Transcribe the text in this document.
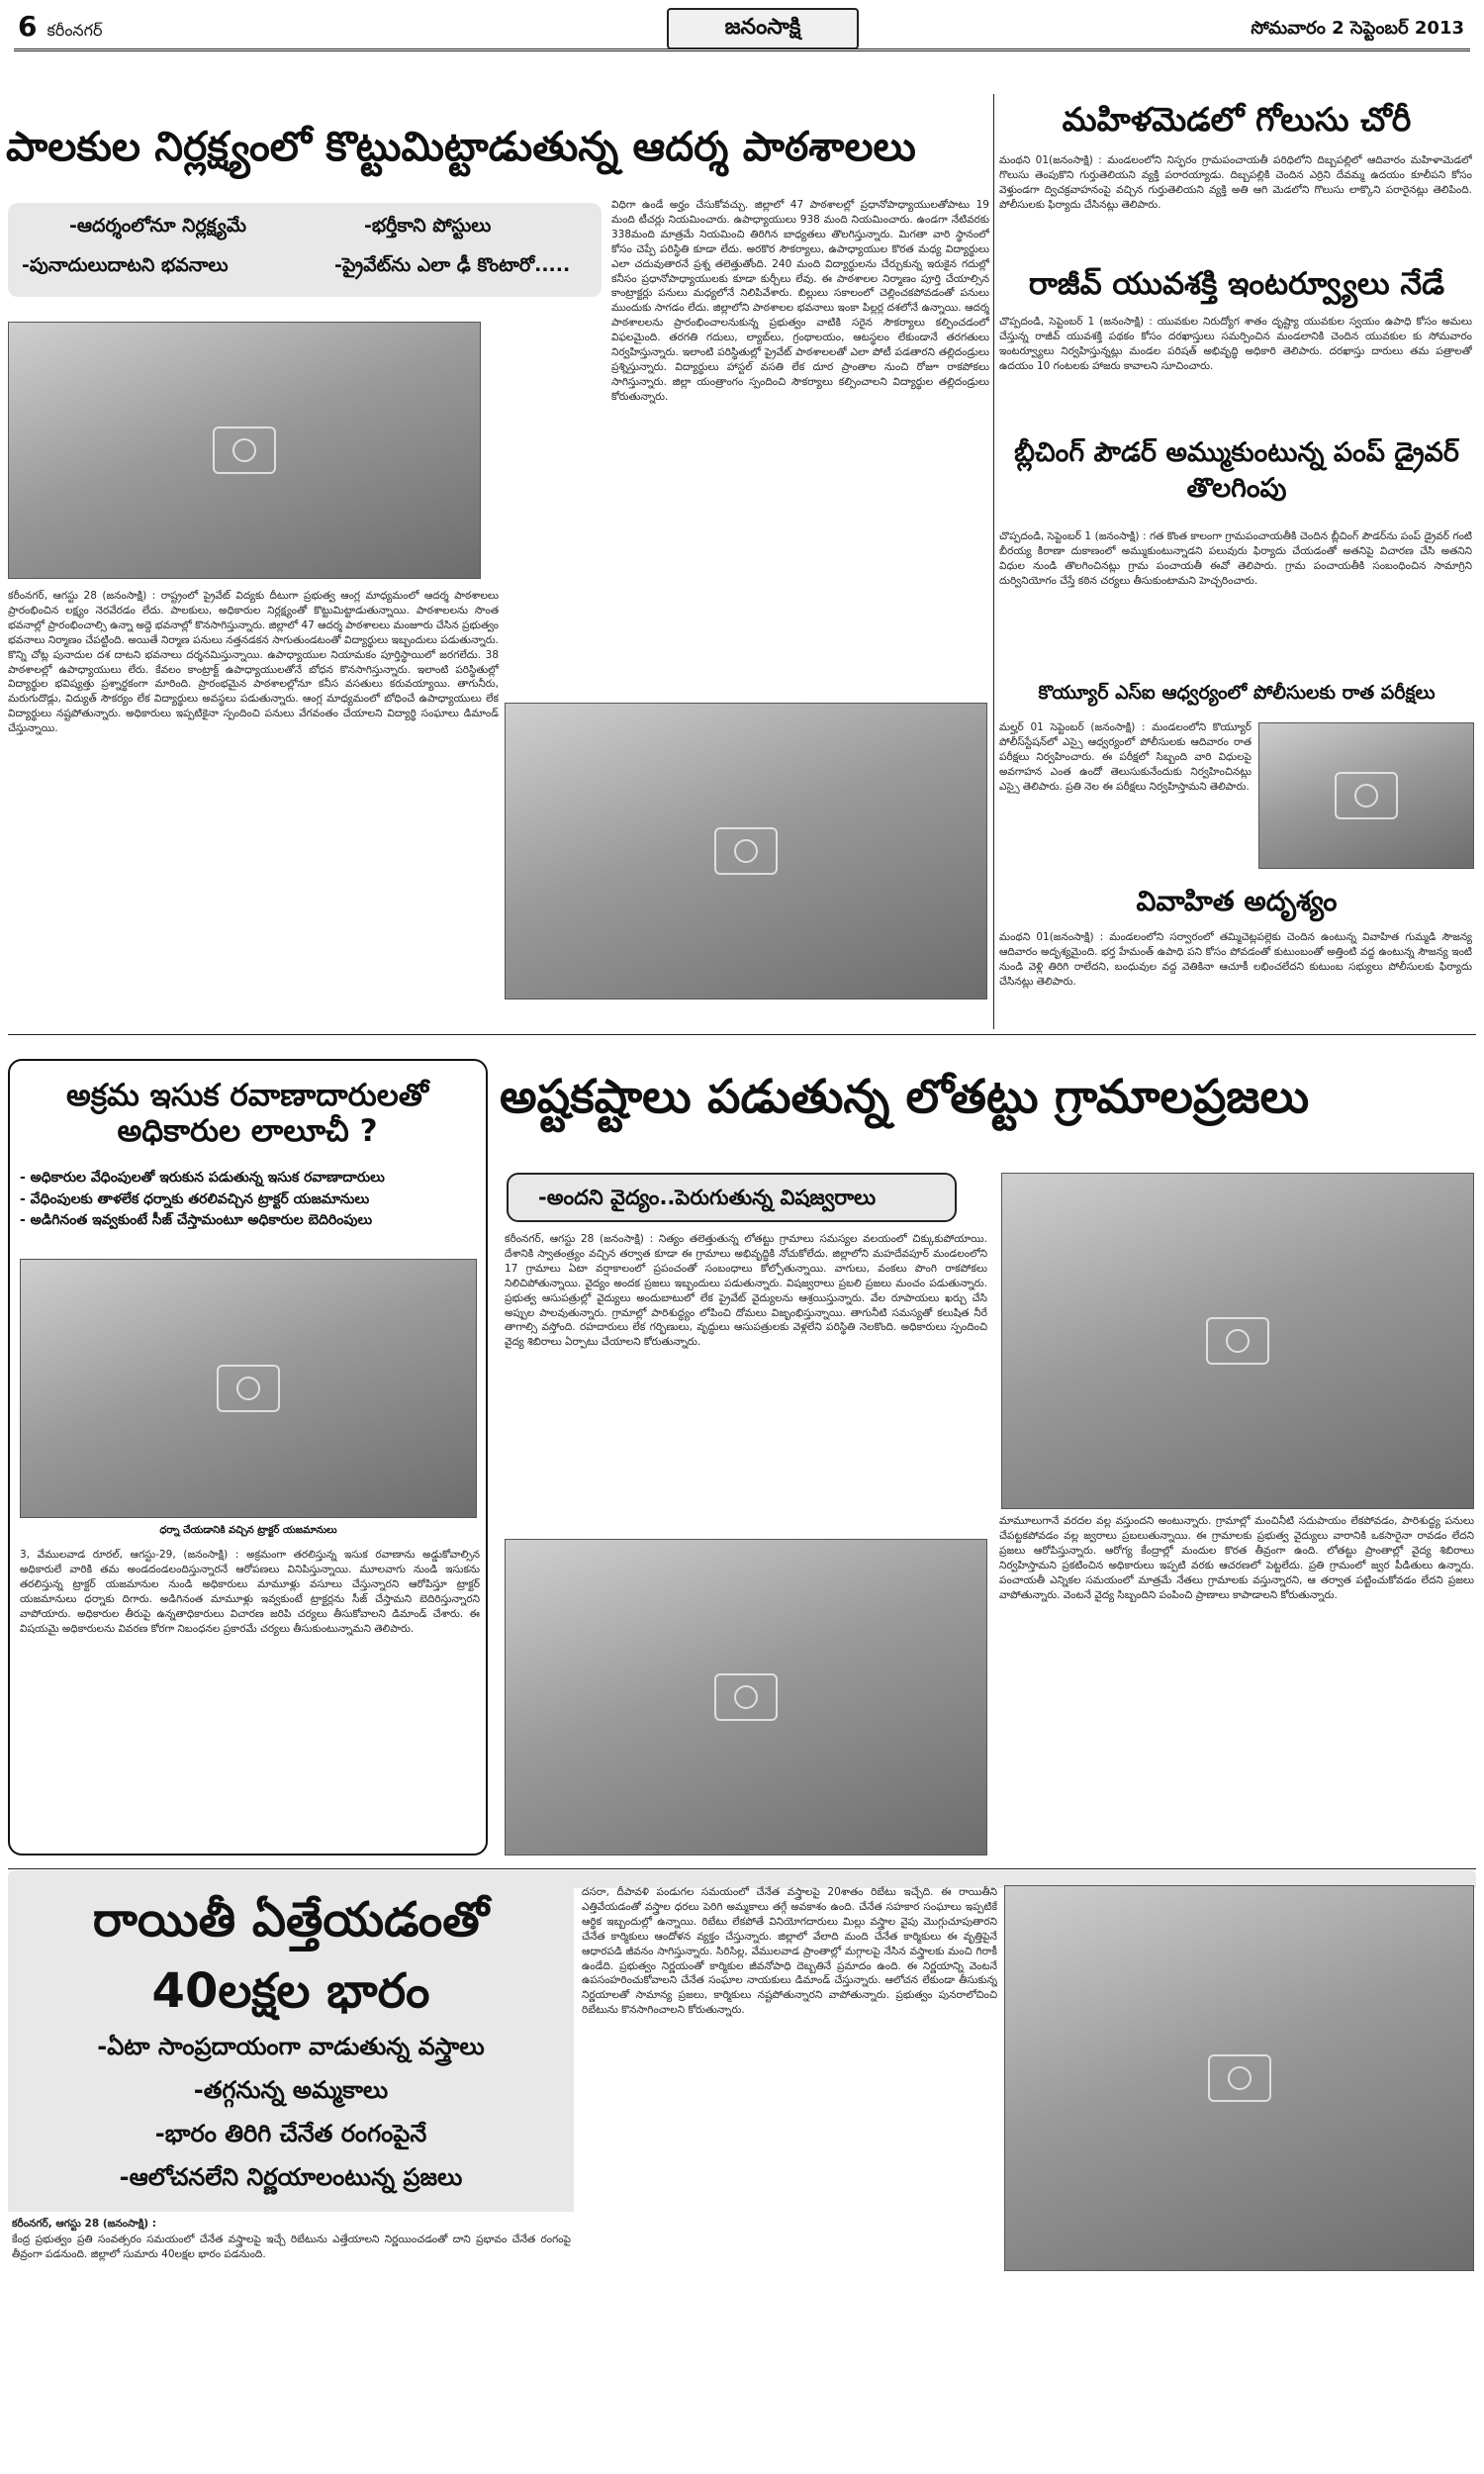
6 కరీంనగర్	జనంసాక్షి	సోమవారం 2 సెప్టెంబర్ 2013
పాలకుల నిర్లక్ష్యంలో కొట్టుమిట్టాడుతున్న ఆదర్శ పాఠశాలలు
-ఆదర్శంలోనూ నిర్లక్ష్యమే	-భర్తీకాని పోస్టులు
-పునాదులుదాటని భవనాలు	-ప్రైవేట్‌ను ఎలా ఢీ కొంటారో.....
విధిగా ఉండే అర్హం చేసుకోవచ్చు. జిల్లాలో 47 పాఠశాలల్లో ప్రధానోపాధ్యాయులతోపాటు 19 మంది టీచర్లు నియమించారు. ఉపాధ్యాయులు 938 మంది నియమించారు. ఉండగా నేటివరకు 338మంది మాత్రమే నియమించి తిరిగిన బాధ్యతలు తొలగిస్తున్నారు. మిగతా వారి స్థానంలో కోసం చెప్పే పరిస్థితి కూడా లేదు. అరకొర సౌకర్యాలు, ఉపాధ్యాయుల కొరత మధ్య విద్యార్థులు ఎలా చదువుతారనే ప్రశ్న తలెత్తుతోంది. 240 మంది విద్యార్థులను చేర్చుకున్న ఇరుకైన గదుల్లో కనీసం ప్రధానోపాధ్యాయులకు కూడా కుర్చీలు లేవు. ఈ పాఠశాలల నిర్మాణం పూర్తి చేయాల్సిన కాంట్రాక్టర్లు పనులు మధ్యలోనే నిలిపివేశారు. బిల్లులు సకాలంలో చెల్లించకపోవడంతో పనులు ముందుకు సాగడం లేదు. జిల్లాలోని పాఠశాలల భవనాలు ఇంకా పిల్లర్ల దశలోనే ఉన్నాయి. ఆదర్శ పాఠశాలలను ప్రారంభించాలనుకున్న ప్రభుత్వం వాటికి సరైన సౌకర్యాలు కల్పించడంలో విఫలమైంది. తరగతి గదులు, ల్యాబ్‌లు, గ్రంథాలయం, ఆటస్థలం లేకుండానే తరగతులు నిర్వహిస్తున్నారు. ఇలాంటి పరిస్థితుల్లో ప్రైవేట్ పాఠశాలలతో ఎలా పోటీ పడతారని తల్లిదండ్రులు ప్రశ్నిస్తున్నారు. విద్యార్థులు హాస్టల్ వసతి లేక దూర ప్రాంతాల నుంచి రోజూ రాకపోకలు సాగిస్తున్నారు. జిల్లా యంత్రాంగం స్పందించి సౌకర్యాలు కల్పించాలని విద్యార్థుల తల్లిదండ్రులు కోరుతున్నారు.
కరీంనగర్, ఆగస్టు 28 (జనంసాక్షి) : రాష్ట్రంలో ప్రైవేట్ విద్యకు దీటుగా ప్రభుత్వ ఆంగ్ల మాధ్యమంలో ఆదర్శ పాఠశాలలు ప్రారంభించిన లక్ష్యం నెరవేరడం లేదు. పాలకులు, అధికారుల నిర్లక్ష్యంతో కొట్టుమిట్టాడుతున్నాయి. పాఠశాలలను సొంత భవనాల్లో ప్రారంభించాల్సి ఉన్నా అద్దె భవనాల్లో కొనసాగిస్తున్నారు. జిల్లాలో 47 ఆదర్శ పాఠశాలలు మంజూరు చేసిన ప్రభుత్వం భవనాలు నిర్మాణం చేపట్టింది. అయితే నిర్మాణ పనులు నత్తనడకన సాగుతుండటంతో విద్యార్థులు ఇబ్బందులు పడుతున్నారు. కొన్ని చోట్ల పునాదుల దశ దాటని భవనాలు దర్శనమిస్తున్నాయి. ఉపాధ్యాయుల నియామకం పూర్తిస్థాయిలో జరగలేదు. 38 పాఠశాలల్లో ఉపాధ్యాయులు లేరు. కేవలం కాంట్రాక్ట్ ఉపాధ్యాయులతోనే బోధన కొనసాగిస్తున్నారు. ఇలాంటి పరిస్థితుల్లో విద్యార్థుల భవిష్యత్తు ప్రశ్నార్థకంగా మారింది. ప్రారంభమైన పాఠశాలల్లోనూ కనీస వసతులు కరువయ్యాయి. తాగునీరు, మరుగుదొడ్లు, విద్యుత్ సౌకర్యం లేక విద్యార్థులు అవస్థలు పడుతున్నారు. ఆంగ్ల మాధ్యమంలో బోధించే ఉపాధ్యాయులు లేక విద్యార్థులు నష్టపోతున్నారు. అధికారులు ఇప్పటికైనా స్పందించి పనులు వేగవంతం చేయాలని విద్యార్థి సంఘాలు డిమాండ్ చేస్తున్నాయి.
మహిళమెడలో గోలుసు చోరీ
మంథని 01(జనంసాక్షి) : మండలంలోని నిస్ఫరం గ్రామపంచాయతీ పరిధిలోని దిబ్బపల్లిలో ఆదివారం మహిళామెడలో గొలుసు తెంపుకొని గుర్తుతెలియని వ్యక్తి పరారయ్యాడు. దిబ్బపల్లికి చెందిన ఎర్రిని దేవమ్మ ఉదయం కూలీపని కోసం వెళ్తుండగా ద్విచక్రవాహనంపై వచ్చిన గుర్తుతెలియని వ్యక్తి అతి ఆగి మెడలోని గొలుసు లాక్కొని పరారైనట్లు తెలిపింది. పోలీసులకు ఫిర్యాదు చేసినట్లు తెలిపారు.
రాజీవ్ యువశక్తి ఇంటర్వ్యూలు నేడే
చొప్పదండి, సెప్టెంబర్ 1 (జనంసాక్షి) : యువకుల నిరుద్యోగ శాతం దృష్ట్యా యువకుల స్వయం ఉపాధి కోసం అమలు చేస్తున్న రాజీవ్ యువశక్తి పథకం కోసం దరఖాస్తులు సమర్పించిన మండలానికి చెందిన యువకుల కు సోమవారం ఇంటర్వ్యూలు నిర్వహిస్తున్నట్లు మండల పరిషత్ అభివృద్ధి అధికారి తెలిపారు. దరఖాస్తు దారులు తమ పత్రాలతో ఉదయం 10 గంటలకు హాజరు కావాలని సూచించారు.
బ్లీచింగ్ పౌడర్ అమ్ముకుంటున్న పంప్ డ్రైవర్ తొలగింపు
చొప్పదండి, సెప్టెంబర్ 1 (జనంసాక్షి) : గత కొంత కాలంగా గ్రామపంచాయతీకి చెందిన బ్లీచింగ్ పౌడర్‌ను పంప్ డ్రైవర్ గంటి బీరయ్య కిరాణా దుకాణంలో అమ్ముకుంటున్నాడని పలువురు ఫిర్యాదు చేయడంతో అతనిపై విచారణ చేసి అతనిని విధుల నుండి తొలగించినట్లు గ్రామ పంచాయతీ ఈవో తెలిపారు. గ్రామ పంచాయతీకి సంబంధించిన సామాగ్రిని దుర్వినియోగం చేస్తే కఠిన చర్యలు తీసుకుంటామని హెచ్చరించారు.
కొయ్యూర్ ఎస్ఐ ఆధ్వర్యంలో పోలీసులకు రాత పరీక్షలు
మల్హర్ 01 సెప్టెంబర్ (జనంసాక్షి) : మండలంలోని కొయ్యూర్ పోలీస్‌స్టేషన్‌లో ఎస్సై ఆధ్వర్యంలో పోలీసులకు ఆదివారం రాత పరీక్షలు నిర్వహించారు. ఈ పరీక్షలో సిబ్బంది వారి విధులపై అవగాహన ఎంత ఉందో తెలుసుకునేందుకు నిర్వహించినట్లు ఎస్సై తెలిపారు. ప్రతి నెల ఈ పరీక్షలు నిర్వహిస్తామని తెలిపారు.
వివాహిత అదృశ్యం
మంథని 01(జనంసాక్షి) : మండలంలోని సర్వారంలో తమ్మిచెట్లపల్లెకు చెందిన ఉంటున్న వివాహిత గుమ్మడి సౌజన్య ఆదివారం అదృశ్యమైంది. భర్త హేమంత్ ఉపాధి పని కోసం పోవడంతో కుటుంబంతో అత్తింటి వద్ద ఉంటున్న సౌజన్య ఇంటి నుండి వెళ్లి తిరిగి రాలేదని, బంధువుల వద్ద వెతికినా ఆచూకీ లభించలేదని కుటుంబ సభ్యులు పోలీసులకు ఫిర్యాదు చేసినట్లు తెలిపారు.
అక్రమ ఇసుక రవాణాదారులతో అధికారుల లాలూచీ ?
- అధికారుల వేధింపులతో ఇరుకున పడుతున్న ఇసుక రవాణాదారులు
- వేధింపులకు తాళలేక ధర్నాకు తరలివచ్చిన ట్రాక్టర్ యజమానులు
- అడిగినంత ఇవ్వకుంటే సీజ్ చేస్తామంటూ అధికారుల బెదిరింపులు
ధర్నా చేయడానికి వచ్చిన ట్రాక్టర్ యజమానులు
3, వేములవాడ రూరల్, ఆగస్టు-29, (జనంసాక్షి) : అక్రమంగా తరలిస్తున్న ఇసుక రవాణాను అడ్డుకోవాల్సిన అధికారులే వారికి తమ అండదండలందిస్తున్నారనే ఆరోపణలు వినిపిస్తున్నాయి. మూలవాగు నుండి ఇసుకను తరలిస్తున్న ట్రాక్టర్ యజమానుల నుండి అధికారులు మామూళ్లు వసూలు చేస్తున్నారని ఆరోపిస్తూ ట్రాక్టర్ యజమానులు ధర్నాకు దిగారు. అడిగినంత మామూళ్లు ఇవ్వకుంటే ట్రాక్టర్లను సీజ్ చేస్తామని బెదిరిస్తున్నారని వాపోయారు. అధికారుల తీరుపై ఉన్నతాధికారులు విచారణ జరిపి చర్యలు తీసుకోవాలని డిమాండ్ చేశారు. ఈ విషయమై అధికారులను వివరణ కోరగా నిబంధనల ప్రకారమే చర్యలు తీసుకుంటున్నామని తెలిపారు.
అష్టకష్టాలు పడుతున్న లోతట్టు గ్రామాలప్రజలు
-అందని వైద్యం..పెరుగుతున్న విషజ్వరాలు
కరీంనగర్, ఆగస్టు 28 (జనంసాక్షి) : నిత్యం తలెత్తుతున్న లోతట్టు గ్రామాలు సమస్యల వలయంలో చిక్కుకుపోయాయి. దేశానికి స్వాతంత్ర్యం వచ్చిన తర్వాత కూడా ఈ గ్రామాలు అభివృద్ధికి నోచుకోలేదు. జిల్లాలోని మహదేవపూర్ మండలంలోని 17 గ్రామాలు ఏటా వర్షాకాలంలో ప్రపంచంతో సంబంధాలు కోల్పోతున్నాయి. వాగులు, వంకలు పొంగి రాకపోకలు నిలిచిపోతున్నాయి. వైద్యం అందక ప్రజలు ఇబ్బందులు పడుతున్నారు. విషజ్వరాలు ప్రబలి ప్రజలు మంచం పడుతున్నారు. ప్రభుత్వ ఆసుపత్రుల్లో వైద్యులు అందుబాటులో లేక ప్రైవేట్ వైద్యులను ఆశ్రయిస్తున్నారు. వేల రూపాయలు ఖర్చు చేసి అప్పుల పాలవుతున్నారు. గ్రామాల్లో పారిశుద్ధ్యం లోపించి దోమలు విజృంభిస్తున్నాయి. తాగునీటి సమస్యతో కలుషిత నీరే తాగాల్సి వస్తోంది. రహదారులు లేక గర్భిణులు, వృద్ధులు ఆసుపత్రులకు వెళ్లలేని పరిస్థితి నెలకొంది. అధికారులు స్పందించి వైద్య శిబిరాలు ఏర్పాటు చేయాలని కోరుతున్నారు.
మామూలుగానే వరదల వల్ల వస్తుందని అంటున్నారు. గ్రామాల్లో మంచినీటి సదుపాయం లేకపోవడం, పారిశుద్ధ్య పనులు చేపట్టకపోవడం వల్ల జ్వరాలు ప్రబలుతున్నాయి. ఈ గ్రామాలకు ప్రభుత్వ వైద్యులు వారానికి ఒకసారైనా రావడం లేదని ప్రజలు ఆరోపిస్తున్నారు. ఆరోగ్య కేంద్రాల్లో మందుల కొరత తీవ్రంగా ఉంది. లోతట్టు ప్రాంతాల్లో వైద్య శిబిరాలు నిర్వహిస్తామని ప్రకటించిన అధికారులు ఇప్పటి వరకు ఆచరణలో పెట్టలేదు. ప్రతి గ్రామంలో జ్వర పీడితులు ఉన్నారు. పంచాయతీ ఎన్నికల సమయంలో మాత్రమే నేతలు గ్రామాలకు వస్తున్నారని, ఆ తర్వాత పట్టించుకోవడం లేదని ప్రజలు వాపోతున్నారు. వెంటనే వైద్య సిబ్బందిని పంపించి ప్రాణాలు కాపాడాలని కోరుతున్నారు.
రాయితీ ఏత్తేయడంతో
40లక్షల భారం
-ఏటా సాంప్రదాయంగా వాడుతున్న వస్త్రాలు
-తగ్గనున్న అమ్మకాలు
-భారం తిరిగి చేనేత రంగంపైనే
-ఆలోచనలేని నిర్ణయాలంటున్న ప్రజలు
కరీంనగర్, ఆగస్టు 28 (జనంసాక్షి) :
కేంద్ర ప్రభుత్వం ప్రతి సంవత్సరం సమయంలో చేనేత వస్త్రాలపై ఇచ్చే రిబేటును ఎత్తేయాలని నిర్ణయించడంతో దాని ప్రభావం చేనేత రంగంపై తీవ్రంగా పడనుంది. జిల్లాలో సుమారు 40లక్షల భారం పడనుంది.
దసరా, దీపావళి పండుగల సమయంలో చేనేత వస్త్రాలపై 20శాతం రిబేటు ఇచ్చేది. ఈ రాయితీని ఎత్తివేయడంతో వస్త్రాల ధరలు పెరిగి అమ్మకాలు తగ్గే అవకాశం ఉంది. చేనేత సహకార సంఘాలు ఇప్పటికే ఆర్థిక ఇబ్బందుల్లో ఉన్నాయి. రిబేటు లేకపోతే వినియోగదారులు మిల్లు వస్త్రాల వైపు మొగ్గుచూపుతారని చేనేత కార్మికులు ఆందోళన వ్యక్తం చేస్తున్నారు. జిల్లాలో వేలాది మంది చేనేత కార్మికులు ఈ వృత్తిపైనే ఆధారపడి జీవనం సాగిస్తున్నారు. సిరిసిల్ల, వేములవాడ ప్రాంతాల్లో మగ్గాలపై నేసిన వస్త్రాలకు మంచి గిరాకీ ఉండేది. ప్రభుత్వం నిర్ణయంతో కార్మికుల జీవనోపాధి దెబ్బతినే ప్రమాదం ఉంది. ఈ నిర్ణయాన్ని వెంటనే ఉపసంహరించుకోవాలని చేనేత సంఘాల నాయకులు డిమాండ్ చేస్తున్నారు. ఆలోచన లేకుండా తీసుకున్న నిర్ణయాలతో సామాన్య ప్రజలు, కార్మికులు నష్టపోతున్నారని వాపోతున్నారు. ప్రభుత్వం పునరాలోచించి రిబేటును కొనసాగించాలని కోరుతున్నారు.
